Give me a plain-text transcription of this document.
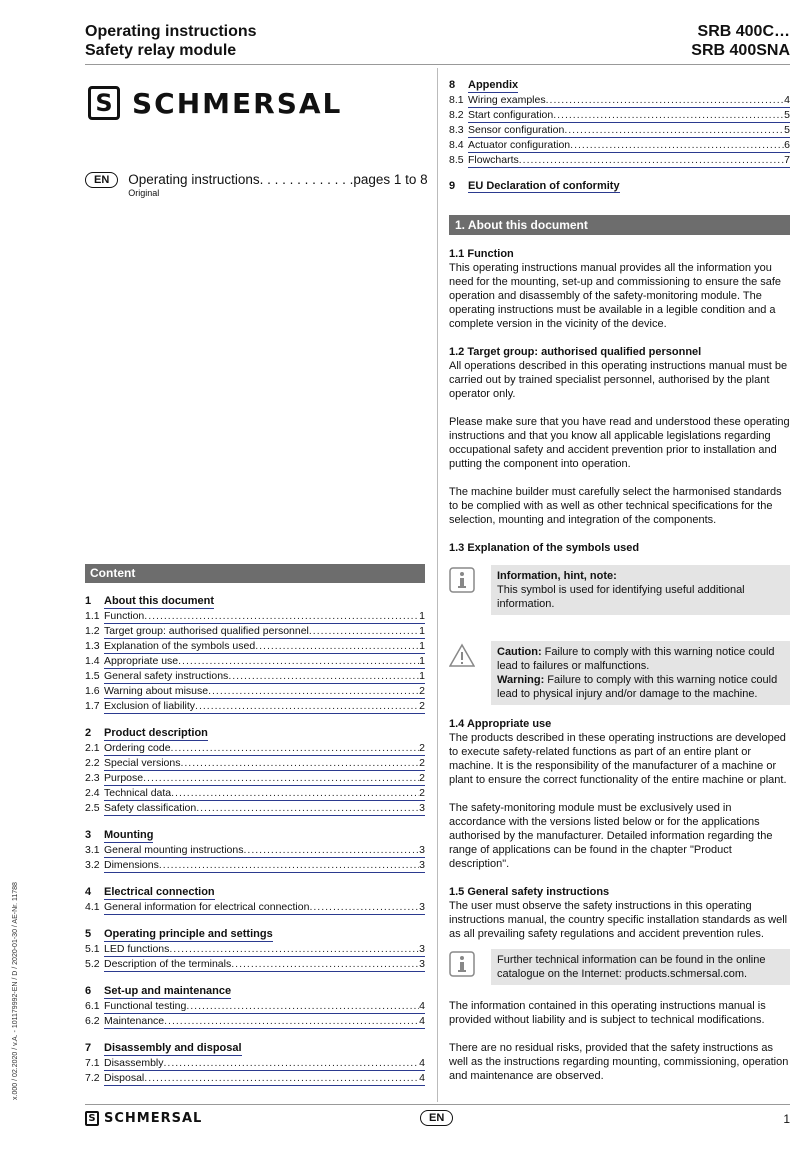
Operating instructions
Safety relay module
SRB 400C…
SRB 400SNA
S SCHMERSAL
EN	Operating instructions. . . . . . . . . . . . .pages 1 to 8
Original
Content
1	About this document
1.1 Function .....	1
1.2 Target group: authorised qualified personnel .....	1
1.3 Explanation of the symbols used .....	1
1.4 Appropriate use .....	1
1.5 General safety instructions .....	1
1.6 Warning about misuse .....	2
1.7 Exclusion of liability .....	2
2	Product description
2.1 Ordering code .....	2
2.2 Special versions .....	2
2.3 Purpose .....	2
2.4 Technical data .....	2
2.5 Safety classification .....	3
3	Mounting
3.1 General mounting instructions .....	3
3.2 Dimensions .....	3
4	Electrical connection
4.1 General information for electrical connection .....	3
5	Operating principle and settings
5.1 LED functions .....	3
5.2 Description of the terminals .....	3
6	Set-up and maintenance
6.1 Functional testing .....	4
6.2 Maintenance .....	4
7	Disassembly and disposal
7.1 Disassembly .....	4
7.2 Disposal .....	4
8	Appendix
8.1 Wiring examples .....	4
8.2 Start configuration .....	5
8.3 Sensor configuration .....	5
8.4 Actuator configuration .....	6
8.5 Flowcharts .....	7
9	EU Declaration of conformity
1. About this document
1.1 Function

This operating instructions manual provides all the information you need for the mounting, set-up and commissioning to ensure the safe operation and disassembly of the safety-monitoring module. The operating instructions must be available in a legible condition and a complete version in the vicinity of the device.

1.2 Target group: authorised qualified personnel

All operations described in this operating instructions manual must be carried out by trained specialist personnel, authorised by the plant operator only.

Please make sure that you have read and understood these operating instructions and that you know all applicable legislations regarding occupational safety and accident prevention prior to installation and putting the component into operation.

The machine builder must carefully select the harmonised standards to be complied with as well as other technical specifications for the selection, mounting and integration of the components.

1.3 Explanation of the symbols used
Information, hint, note:
This symbol is used for identifying useful additional information.
Caution: Failure to comply with this warning notice could lead to failures or malfunctions.
Warning: Failure to comply with this warning notice could lead to physical injury and/or damage to the machine.
1.4 Appropriate use

The products described in these operating instructions are developed to execute safety-related functions as part of an entire plant or machine. It is the responsibility of the manufacturer of a machine or plant to ensure the correct functionality of the entire machine or plant.

The safety-monitoring module must be exclusively used in accordance with the versions listed below or for the applications authorised by the manufacturer. Detailed information regarding the range of applications can be found in the chapter "Product description".

1.5 General safety instructions

The user must observe the safety instructions in this operating instructions manual, the country specific installation standards as well as all prevailing safety regulations and accident prevention rules.

Further technical information can be found in the online catalogue on the Internet: products.schmersal.com.

The information contained in this operating instructions manual is provided without liability and is subject to technical modifications.

There are no residual risks, provided that the safety instructions as well as the instructions regarding mounting, commissioning, operation and maintenance are observed.

x.000 / 02.2020 / v.A. - 101179992-EN / D / 2020-01-30 / AE-Nr. 11788
S SCHMERSAL	EN	1
